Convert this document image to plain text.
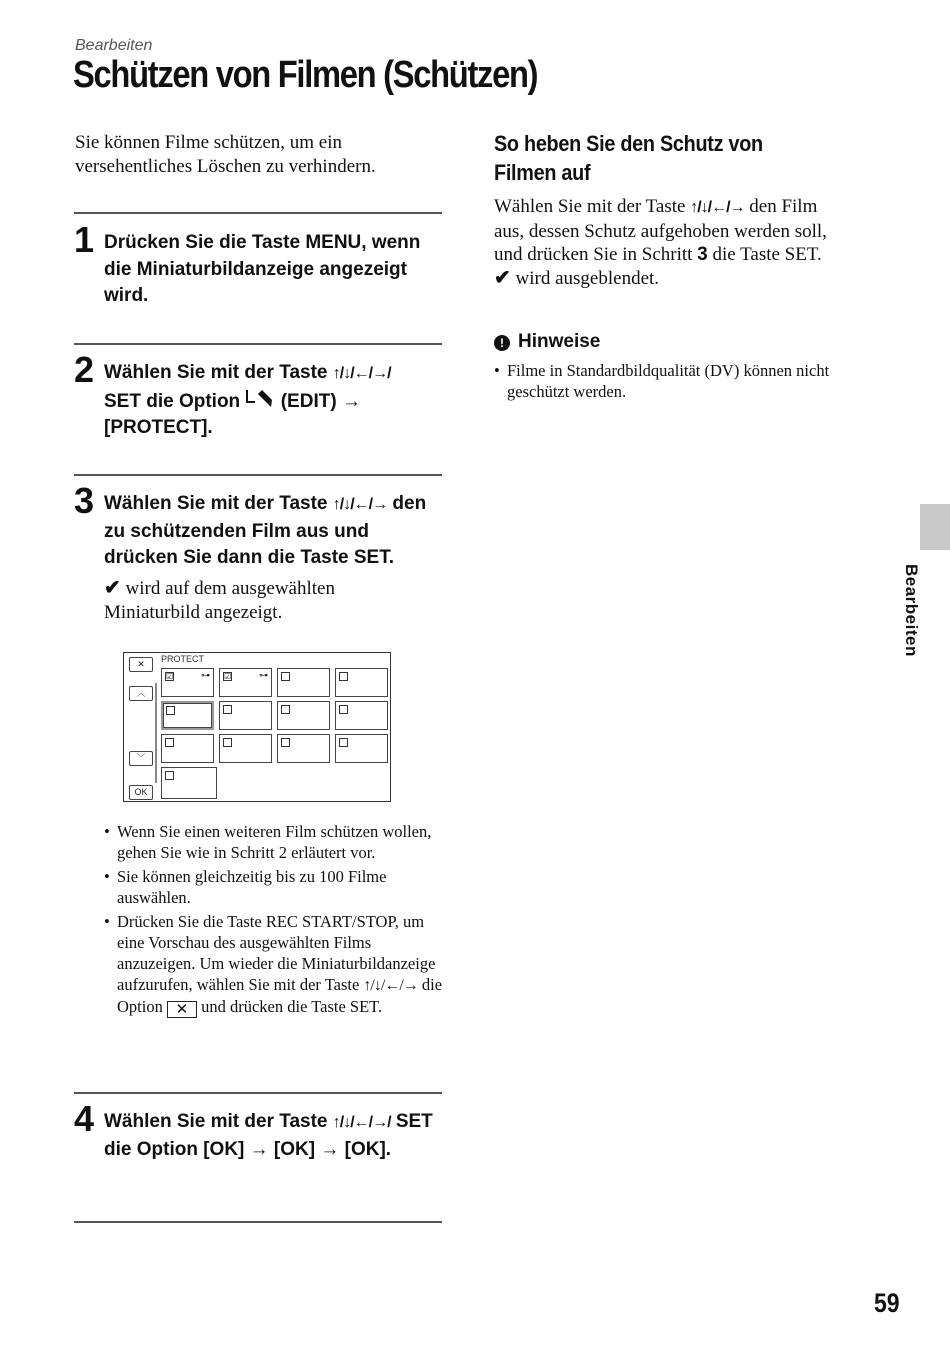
Bearbeiten
Schützen von Filmen (Schützen)
Sie können Filme schützen, um ein versehentliches Löschen zu verhindern.
1 Drücken Sie die Taste MENU, wenn die Miniaturbildanzeige angezeigt wird.
2 Wählen Sie mit der Taste ↑/↓/←/→/
SET die Option (EDIT) → [PROTECT].
3 Wählen Sie mit der Taste ↑/↓/←/→ den zu schützenden Film aus und drücken Sie dann die Taste SET.
✔ wird auf dem ausgewählten Miniaturbild angezeigt.
✕
︿
﹀
OK
PROTECT
☑	⊶ ☑	⊶
• Wenn Sie einen weiteren Film schützen wollen, gehen Sie wie in Schritt 2 erläutert vor.
• Sie können gleichzeitig bis zu 100 Filme auswählen.
• Drücken Sie die Taste REC START/STOP, um eine Vorschau des ausgewählten Films anzuzeigen. Um wieder die Miniaturbildanzeige aufzurufen, wählen Sie mit der Taste ↑/↓/←/→ die Option ✕ und drücken die Taste SET.
4 Wählen Sie mit der Taste ↑/↓/←/→/ SET die Option [OK] → [OK] → [OK].
So heben Sie den Schutz von Filmen auf
Wählen Sie mit der Taste ↑/↓/←/→ den Film aus, dessen Schutz aufgehoben werden soll, und drücken Sie in Schritt 3 die Taste SET.
✔ wird ausgeblendet.
! Hinweise
• Filme in Standardbildqualität (DV) können nicht geschützt werden.
Bearbeiten
59
